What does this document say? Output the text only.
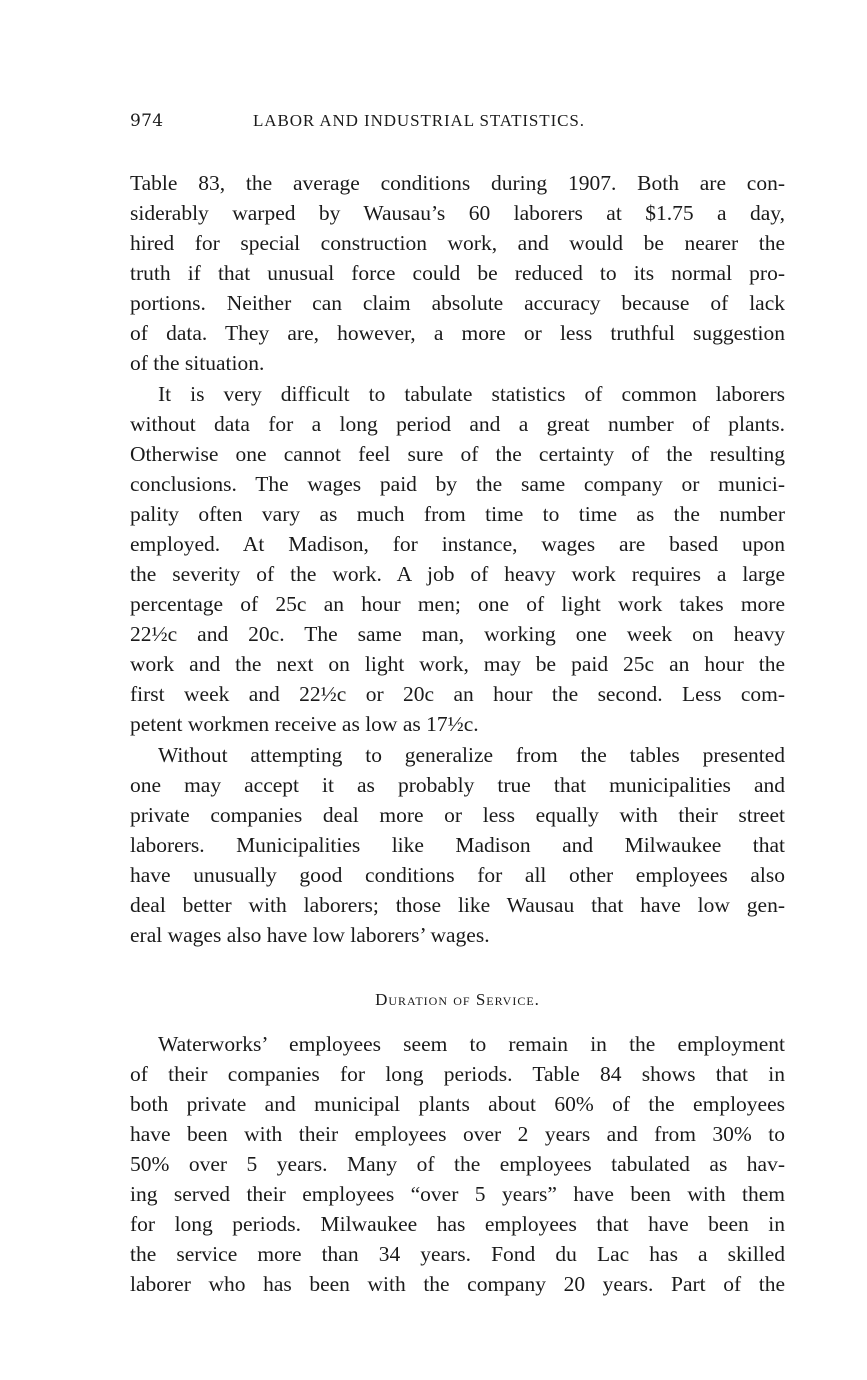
974	LABOR AND INDUSTRIAL STATISTICS.
Table 83, the average conditions during 1907. Both are con-
siderably warped by Wausau’s 60 laborers at $1.75 a day,
hired for special construction work, and would be nearer the
truth if that unusual force could be reduced to its normal pro-
portions. Neither can claim absolute accuracy because of lack
of data. They are, however, a more or less truthful suggestion
of the situation.
It is very difficult to tabulate statistics of common laborers
without data for a long period and a great number of plants.
Otherwise one cannot feel sure of the certainty of the resulting
conclusions. The wages paid by the same company or munici-
pality often vary as much from time to time as the number
employed. At Madison, for instance, wages are based upon
the severity of the work. A job of heavy work requires a large
percentage of 25c an hour men; one of light work takes more
22½c and 20c. The same man, working one week on heavy
work and the next on light work, may be paid 25c an hour the
first week and 22½c or 20c an hour the second. Less com-
petent workmen receive as low as 17½c.
Without attempting to generalize from the tables presented
one may accept it as probably true that municipalities and
private companies deal more or less equally with their street
laborers. Municipalities like Madison and Milwaukee that
have unusually good conditions for all other employees also
deal better with laborers; those like Wausau that have low gen-
eral wages also have low laborers’ wages.
Duration of Service.
Waterworks’ employees seem to remain in the employment
of their companies for long periods. Table 84 shows that in
both private and municipal plants about 60% of the employees
have been with their employees over 2 years and from 30% to
50% over 5 years. Many of the employees tabulated as hav-
ing served their employees “over 5 years” have been with them
for long periods. Milwaukee has employees that have been in
the service more than 34 years. Fond du Lac has a skilled
laborer who has been with the company 20 years. Part of the
